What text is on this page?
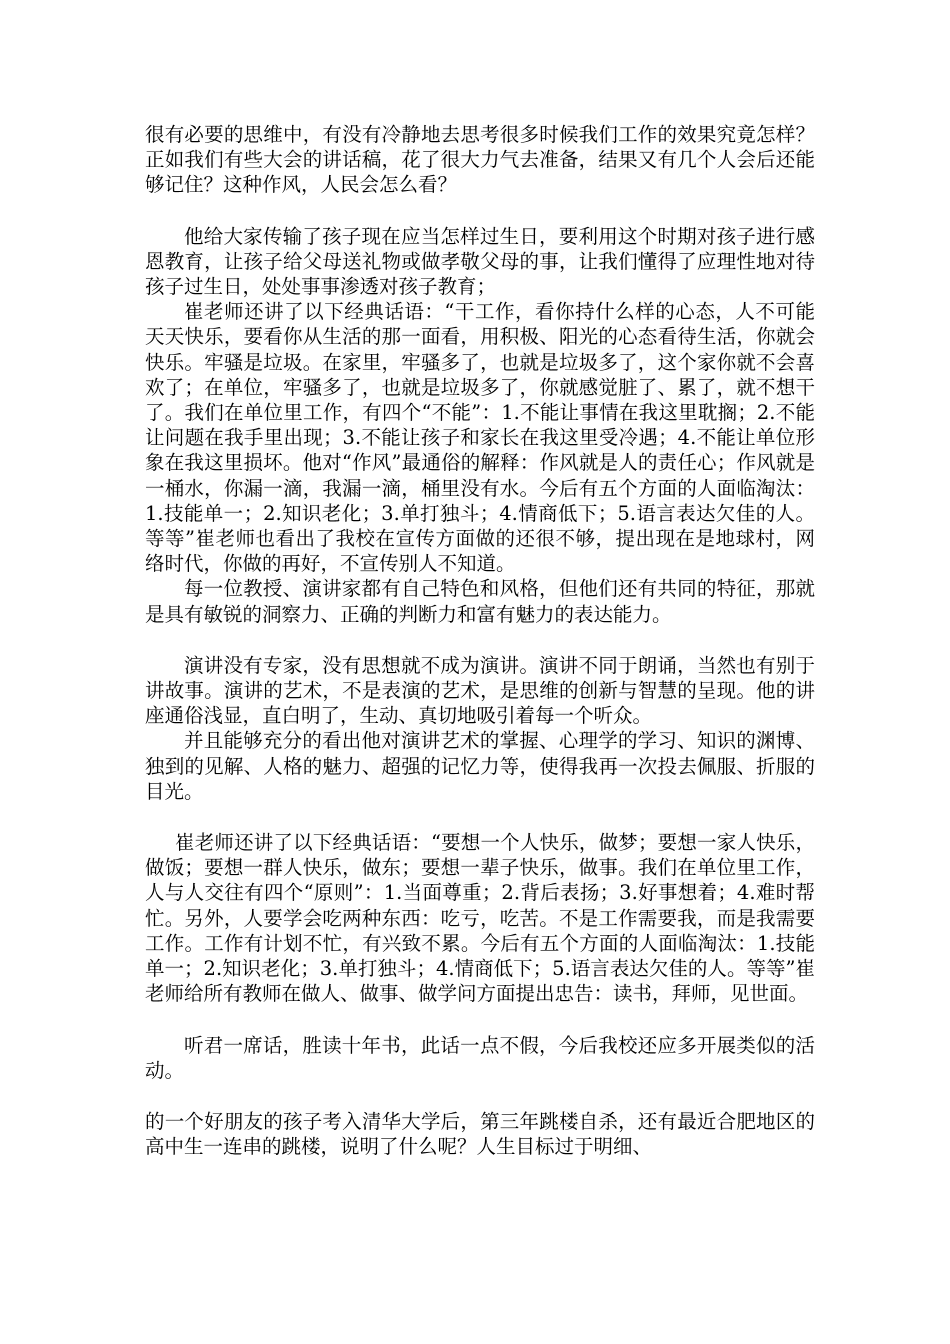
很有必要的思维中，有没有冷静地去思考很多时候我们工作的效果究竟怎样？正如我们有些大会的讲话稿，花了很大力气去准备，结果又有几个人会后还能够记住？这种作风，人民会怎么看？

他给大家传输了孩子现在应当怎样过生日，要利用这个时期对孩子进行感恩教育，让孩子给父母送礼物或做孝敬父母的事，让我们懂得了应理性地对待孩子过生日，处处事事渗透对孩子教育；

崔老师还讲了以下经典话语：“干工作，看你持什么样的心态，人不可能天天快乐，要看你从生活的那一面看，用积极、阳光的心态看待生活，你就会快乐。牢骚是垃圾。在家里，牢骚多了，也就是垃圾多了，这个家你就不会喜欢了；在单位，牢骚多了，也就是垃圾多了，你就感觉脏了、累了，就不想干了。我们在单位里工作，有四个“不能”：1.不能让事情在我这里耽搁；2.不能让问题在我手里出现；3.不能让孩子和家长在我这里受冷遇；4.不能让单位形象在我这里损坏。他对“作风”最通俗的解释：作风就是人的责任心；作风就是一桶水，你漏一滴，我漏一滴，桶里没有水。今后有五个方面的人面临淘汰：1.技能单一；2.知识老化；3.单打独斗；4.情商低下；5.语言表达欠佳的人。等等”崔老师也看出了我校在宣传方面做的还很不够，提出现在是地球村，网络时代，你做的再好，不宣传别人不知道。

每一位教授、演讲家都有自己特色和风格，但他们还有共同的特征，那就是具有敏锐的洞察力、正确的判断力和富有魅力的表达能力。

演讲没有专家，没有思想就不成为演讲。演讲不同于朗诵，当然也有别于讲故事。演讲的艺术，不是表演的艺术，是思维的创新与智慧的呈现。他的讲座通俗浅显，直白明了，生动、真切地吸引着每一个听众。

并且能够充分的看出他对演讲艺术的掌握、心理学的学习、知识的渊博、独到的见解、人格的魅力、超强的记忆力等，使得我再一次投去佩服、折服的目光。

崔老师还讲了以下经典话语：“要想一个人快乐，做梦；要想一家人快乐，做饭；要想一群人快乐，做东；要想一辈子快乐，做事。我们在单位里工作，人与人交往有四个“原则”：1.当面尊重；2.背后表扬；3.好事想着；4.难时帮忙。另外，人要学会吃两种东西：吃亏，吃苦。不是工作需要我，而是我需要工作。工作有计划不忙，有兴致不累。今后有五个方面的人面临淘汰：1.技能单一；2.知识老化；3.单打独斗；4.情商低下；5.语言表达欠佳的人。等等”崔老师给所有教师在做人、做事、做学问方面提出忠告：读书，拜师，见世面。

听君一席话，胜读十年书，此话一点不假，今后我校还应多开展类似的活动。

的一个好朋友的孩子考入清华大学后，第三年跳楼自杀，还有最近合肥地区的高中生一连串的跳楼，说明了什么呢？人生目标过于明细、
